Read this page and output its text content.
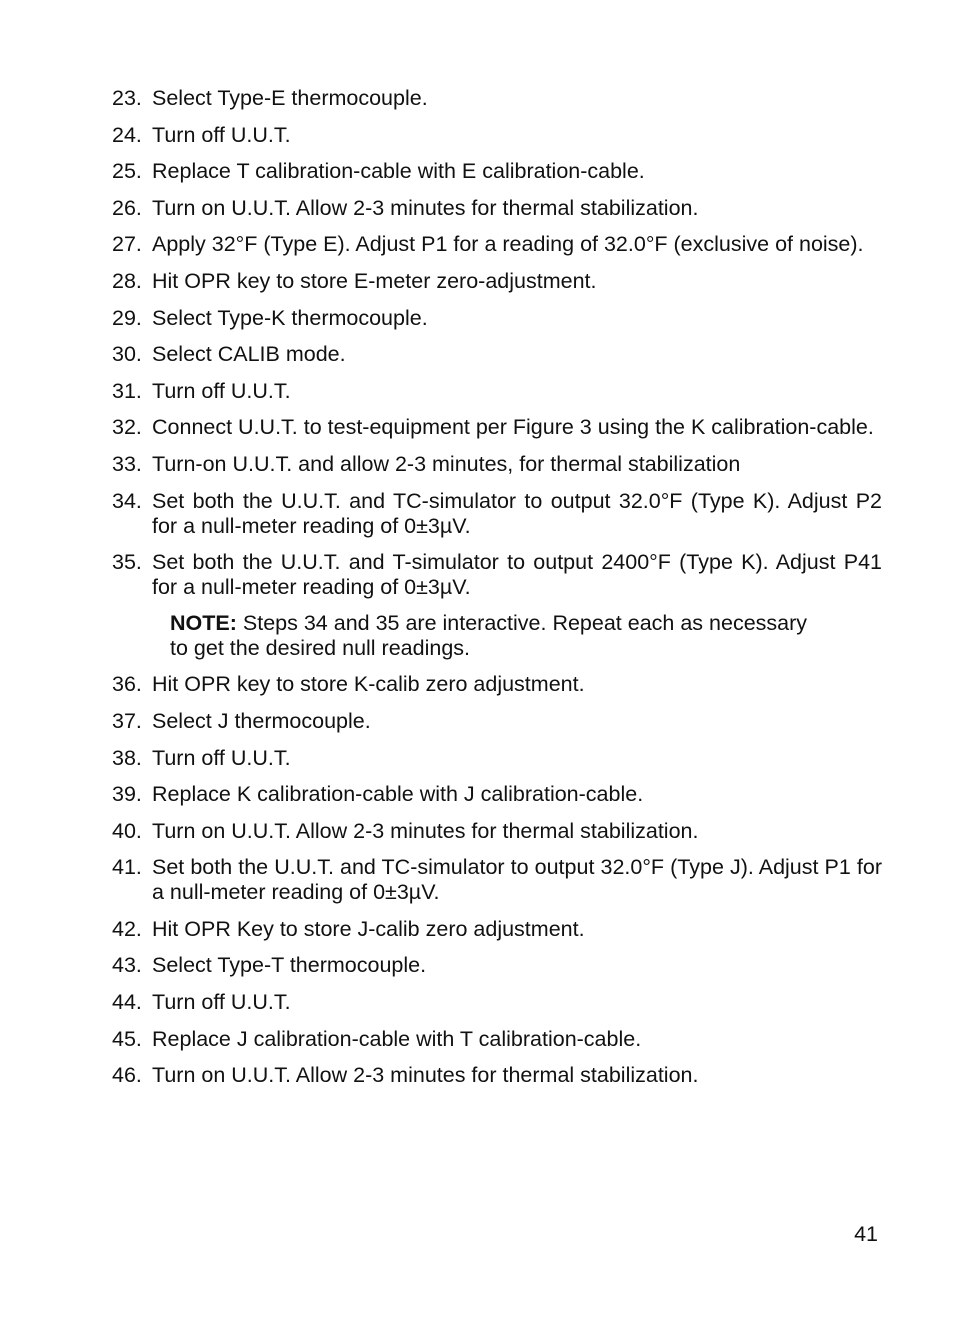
23. Select Type-E thermocouple.
24. Turn off U.U.T.
25. Replace T calibration-cable with E calibration-cable.
26. Turn on U.U.T. Allow 2-3 minutes for thermal stabilization.
27. Apply 32°F (Type E). Adjust P1 for a reading of 32.0°F (exclusive of noise).
28. Hit OPR key to store E-meter zero-adjustment.
29. Select Type-K thermocouple.
30. Select CALIB mode.
31. Turn off U.U.T.
32. Connect U.U.T. to test-equipment per Figure 3 using the K calibration-cable.
33. Turn-on U.U.T. and allow 2-3 minutes, for thermal stabilization
34. Set both the U.U.T. and TC-simulator to output 32.0°F (Type K). Adjust P2 for a null-meter reading of 0±3µV.
35. Set both the U.U.T. and T-simulator to output 2400°F (Type K). Adjust P41 for a null-meter reading of 0±3µV.
NOTE: Steps 34 and 35 are interactive. Repeat each as necessary to get the desired null readings.
36. Hit OPR key to store K-calib zero adjustment.
37. Select J thermocouple.
38. Turn off U.U.T.
39. Replace K calibration-cable with J calibration-cable.
40. Turn on U.U.T. Allow 2-3 minutes for thermal stabilization.
41. Set both the U.U.T. and TC-simulator to output 32.0°F (Type J). Adjust P1 for a null-meter reading of 0±3µV.
42. Hit OPR Key to store J-calib zero adjustment.
43. Select Type-T thermocouple.
44. Turn off U.U.T.
45. Replace J calibration-cable with T calibration-cable.
46. Turn on U.U.T. Allow 2-3 minutes for thermal stabilization.
41
